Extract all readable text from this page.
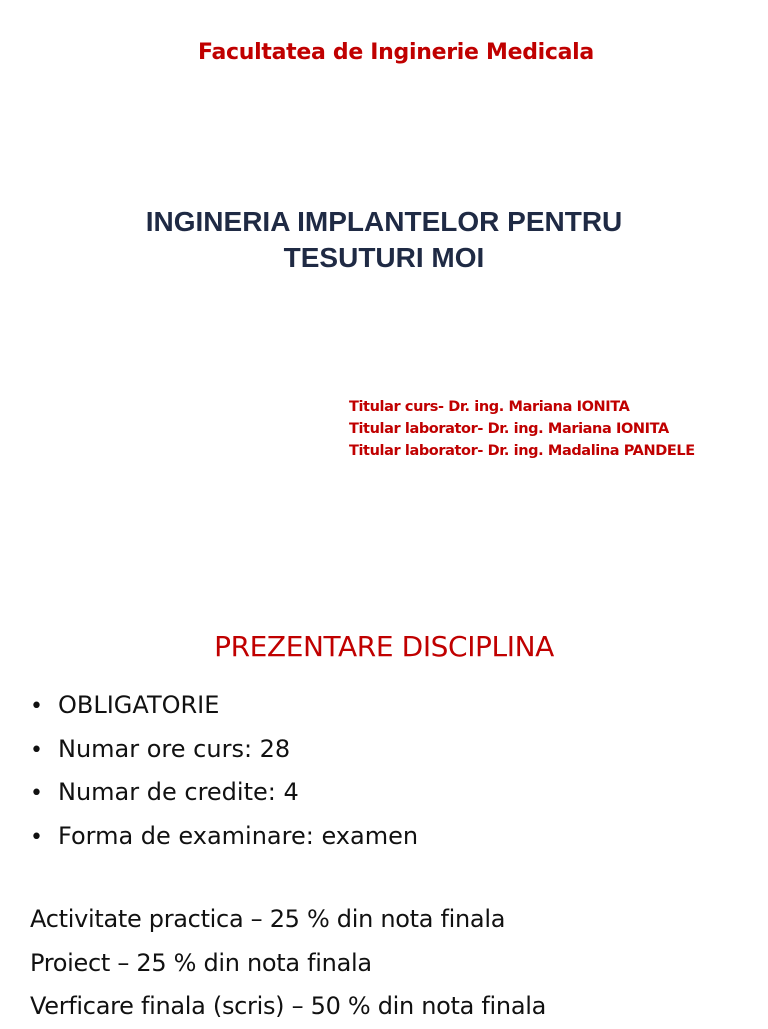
Facultatea de Inginerie Medicala
INGINERIA IMPLANTELOR PENTRU
TESUTURI MOI
Titular curs- Dr. ing. Mariana IONITA
Titular laborator- Dr. ing. Mariana IONITA
Titular laborator- Dr. ing. Madalina PANDELE
PREZENTARE DISCIPLINA
• OBLIGATORIE
• Numar ore curs: 28
• Numar de credite: 4
• Forma de examinare: examen
Activitate practica – 25 % din nota finala
Proiect – 25 % din nota finala
Verficare finala (scris) – 50 % din nota finala
